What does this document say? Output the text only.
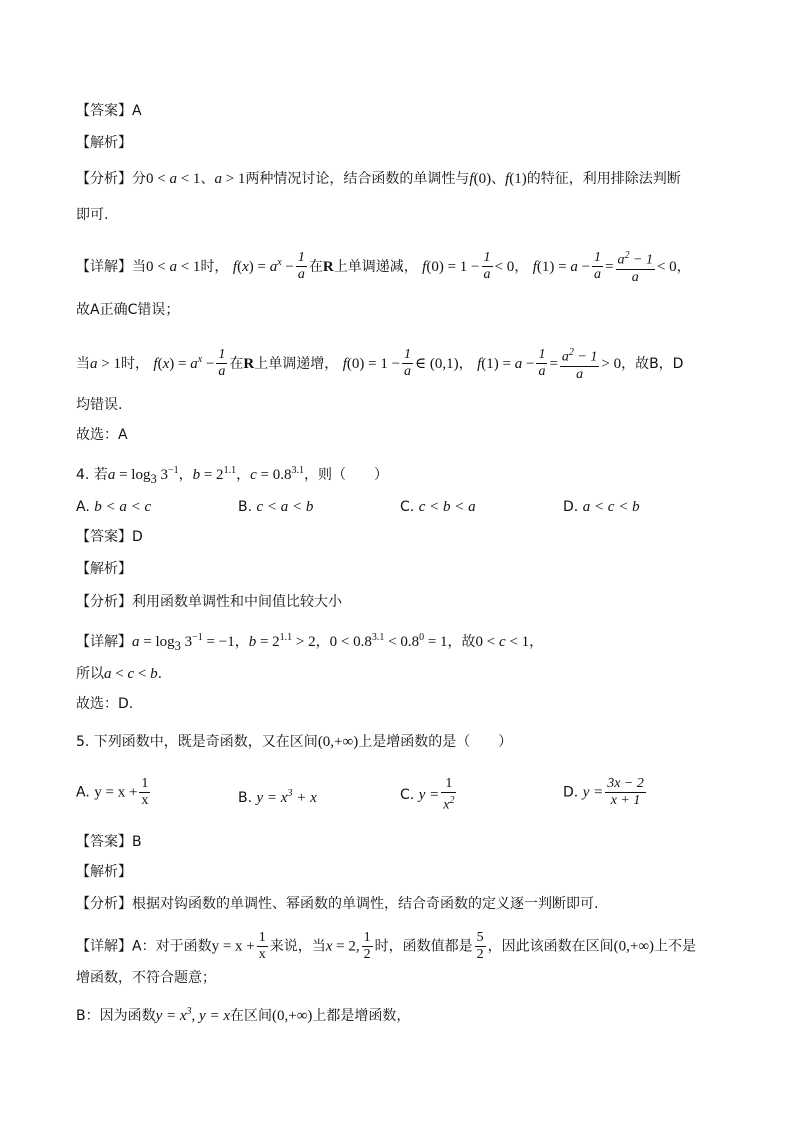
【答案】A
【解析】
【分析】分0 < a < 1、a > 1两种情况讨论，结合函数的单调性与f(0)、f(1)的特征，利用排除法判断
即可.
【详解】当0 < a < 1时， $f(x) = a^x - \frac{1}{a}$ 在R上单调递减， $f(0) = 1 - \frac{1}{a} < 0$， $f(1) = a - \frac{1}{a} = \frac{a^2 - 1}{a} < 0$，
故A正确C错误；
当a > 1时， $f(x) = a^x - \frac{1}{a}$ 在R上单调递增， $f(0) = 1 - \frac{1}{a}$ ∈ (0,1)， $f(1) = a - \frac{1}{a} = \frac{a^2 - 1}{a} > 0$，故B，D
均错误.
故选：A
4. 若$a = \log_3 3^{-1}$，$b = 2^{1.1}$，$c = 0.8^{3.1}$，则（　　）
A. b < a < c	B. c < a < b	C. c < b < a	D. a < c < b
【答案】D
【解析】
【分析】利用函数单调性和中间值比较大小
【详解】$a = \log_3 3^{-1} = -1$，$b = 2^{1.1} > 2$，$0 < 0.8^{3.1} < 0.8^0 = 1$，故0 < c < 1，
所以a < c < b.
故选：D.
5. 下列函数中，既是奇函数，又在区间(0,+∞)上是增函数的是（　　）
A. $y = x + \frac{1}{x}$	B. $y = x^3 + x$	C. $y = \frac{1}{x^2}$	D. $y = \frac{3x - 2}{x + 1}$
【答案】B
【解析】
【分析】根据对钩函数的单调性、幂函数的单调性，结合奇函数的定义逐一判断即可.
【详解】A：对于函数$y = x + \frac{1}{x}$ 来说，当x = 2, $\frac{1}{2}$ 时，函数值都是 $\frac{5}{2}$ ，因此该函数在区间(0,+∞)上不是
增函数，不符合题意；
B：因为函数$y = x^3$, y = x在区间(0,+∞)上都是增函数，
